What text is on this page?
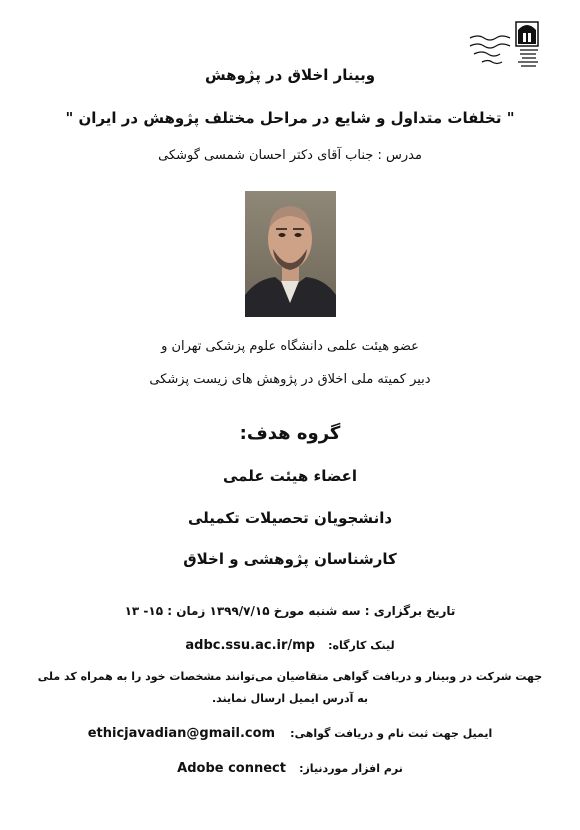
وبینار اخلاق در پژوهش
" تخلفات متداول و شایع در مراحل مختلف پژوهش در ایران "
مدرس : جناب آقای دکتر احسان شمسی گوشکی
عضو هیئت علمی دانشگاه علوم پزشکی تهران و
دبیر کمیته ملی اخلاق در پژوهش های زیست پزشکی
گروه هدف:
اعضاء هیئت علمی
دانشجویان تحصیلات تکمیلی
کارشناسان پژوهشی و اخلاق
تاریخ برگزاری : سه شنبه مورخ ۱۳۹۹/۷/۱۵ زمان : ۱۵- ۱۳
adbc.ssu.ac.ir/mp لینک کارگاه:
جهت شرکت در وبینار و دریافت گواهی متقاضیان می‌توانند مشخصات خود را به همراه کد ملی
به آدرس ایمیل ارسال نمایند.
ethicjavadian@gmail.com ایمیل جهت ثبت نام و دریافت گواهی:
Adobe connect نرم افزار موردنیاز:
